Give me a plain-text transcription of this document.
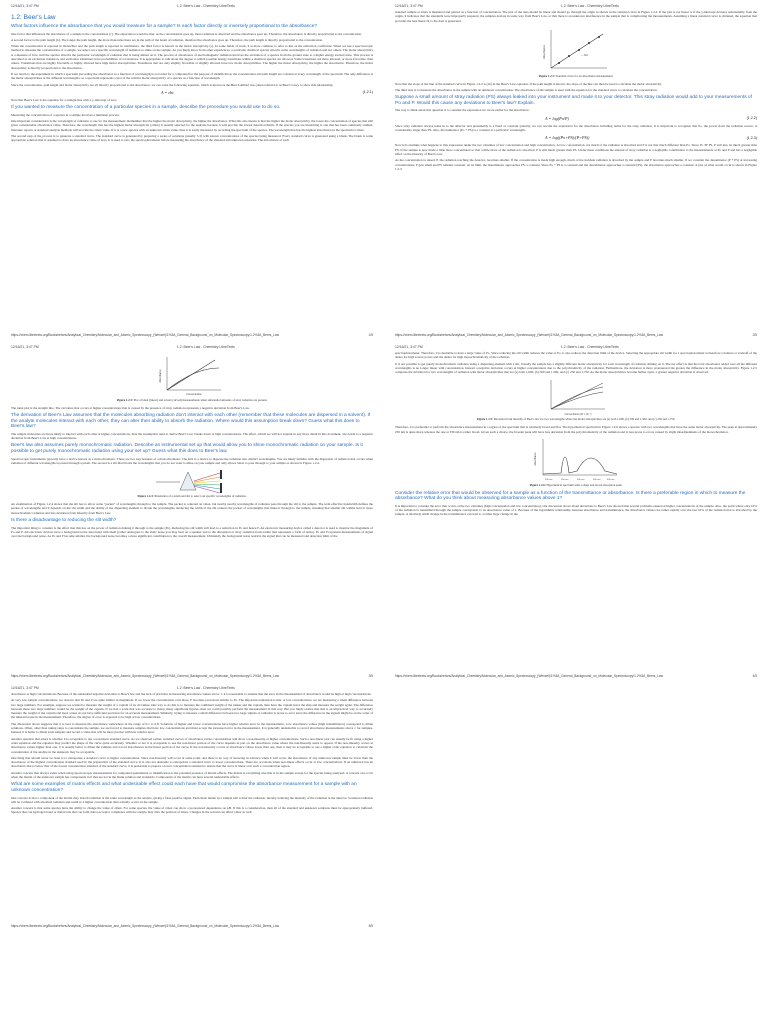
12/16/21, 3:47 PM	1.2: Beer's Law - Chemistry LibreTexts
1.2: Beer's Law
What factors influence the absorbance that you would measure for a sample? Is each factor directly or inversely proportional to the absorbance?

One factor that influences the absorbance of a sample is the concentration (c). The expectation would be that, as the concentration goes up, more radiation is absorbed and the absorbance goes up. Therefore, the absorbance is directly proportional to the concentration.

A second factor is the path length (b). The longer the path length, the more molecules there are in the path of the beam of radiation, therefore the absorbance goes up. Therefore, the path length is directly proportional to the concentration.

When the concentration is reported in moles/liter and the path length is reported in centimeters, the third factor is known as the molar absorptivity (ε). In some fields of work, it is more common to refer to this as the extinction coefficient. When we use a spectroscopic method to measure the concentration of a sample, we select out a specific wavelength of radiation to shine on the sample. As you likely know from other experiences, a particular chemical species absorbs some wavelengths of radiation and not others. The molar absorptivity is a measure of how well the species absorbs the particular wavelength of radiation that is being shined on it. The process of absorbance of electromagnetic radiation involves the excitation of a species from the ground state to a higher energy excited state. This process is described as an excitation transition, and excitation transitions have probabilities of occurrences. It is appropriate to talk about the degree to which possible energy transitions within a chemical species are allowed. Some transitions are more allowed, or more favorable, than others. Transitions that are highly favorable or highly allowed have high molar absorptivities. Transitions that are only slightly favorable or slightly allowed have low molar absorptivities. The higher the molar absorptivity, the higher the absorbance. Therefore, the molar absorptivity is directly proportional to the absorbance.

If we return to the experiment in which a spectrum (recording the absorbance as a function of wavelength) is recorded for a compound for the purpose of identification, the concentration and path length are constant at every wavelength of the spectrum. The only difference is the molar absorptivities at the different wavelengths, so a spectrum represents a plot of the relative molar absorptivity of a species as a function of wavelength.

Since the concentration, path length and molar absorptivity are all directly proportional to the absorbance, we can write the following equation, which is known as the Beer-Lambert law (often referred to as Beer's Law), to show this relationship.

A = εbc	(1.2.1)

Note that Beer's Law is the equation for a straight line with a y-intercept of zero.

If you wanted to measure the concentration of a particular species in a sample, describe the procedure you would use to do so.

Measuring the concentration of a species in a sample involves a multistep process.

One important consideration is the wavelength of radiation to use for the measurement. Remember that the higher the molar absorptivity, the higher the absorbance. What this also means is that the higher the molar absorptivity, the lower the concentration of species that still gives a measurable absorbance value. Therefore, the wavelength that has the highest molar absorptivity (λmax) is usually selected for the analysis because it will provide the lowest detection limits. If the species you are measuring is one that has been commonly studied, literature reports or standard analysis methods will provide the λmax value. If it is a new species with an unknown λmax value, then it is easily measured by recording the spectrum of the species. The wavelength that has the highest absorbance in the spectrum is λmax.

The second step of the process is to generate a standard curve. The standard curve is generated by preparing a series of solutions (usually 3-5) with known concentrations of the species being measured. Every standard curve is generated using a blank. The blank is some appropriate solution that is assumed to have an absorbance value of zero. It is used to zero the spectrophotometer before measuring the absorbance of the standard and unknown solutions. The absorbance of each

https://chem.libretexts.org/Bookshelves/Analytical_Chemistry/Molecular_and_Atomic_Spectroscopy_(Wenzel)/1%3A_General_Background_on_Molecular_Spectroscopy/1.2%3A_Beers_Law	1/5
12/16/21, 3:47 PM	1.2: Beer's Law - Chemistry LibreTexts

standard sample at λmax is measured and plotted as a function of concentration. The plot of the data should be linear and should go through the origin as shown in the standard curve in Figure 1.2.2. If the plot is not linear or if the y-intercept deviates substantially from the origin, it indicates that the standards were improperly prepared, the samples deviate in some way from Beer's Law, or that there is an unknown interference in the sample that is complicating the measurements. Assuming a linear standard curve is obtained, the equation that provides the best linear fit to the data is generated.

Absorbance	— Std
Figure 1.2.2: Standard curve for an absorbance measurement.

Note that the slope of the line of the standard curve in Figure 1.2.2 is (εb) in the Beer's Law equation. If the path length is known, the slope of the line can then be used to calculate the molar absorptivity.

The third step is to measure the absorbance in the sample with an unknown concentration. The absorbance of the sample is used with the equation for the standard curve to calculate the concentration.

Suppose a small amount of stray radiation (PS) always leaked into your instrument and made it to your detector. This stray radiation would add to your measurements of Po and P. Would this cause any deviations to Beer's law? Explain.

The way to think about this question is to consider the expression we wrote earlier for the absorbance.

A = log(Po/P)	(1.2.2)

Since stray radiation always leaks in to the detector and presumably is a fixed or constant quantity, we can rewrite the expression for the absorbance including terms for the stray radiation. It is important to recognize that Po, the power from the radiation source, is considerably larger than PS. Also, the numerator (Po + PS) is a constant at a particular wavelength.

A = log((Po+PS)/(P+PS))	(1.2.3)

Now let's examine what happens to this expression under the two extremes of low concentration and high concentration. At low concentration, not much of the radiation is absorbed and P is not that much different than Po. Since Po ≫ PS, P will also be much greater than PS. If the sample is now made a little more concentrated so that a little more of the radiation is absorbed, P is still much greater than PS. Under these conditions the amount of stray radiation is a negligible contribution to the measurements of Po and P and has a negligible effect on the linearity of Beer's Law.

As the concentration is raised, P, the radiation reaching the detector, becomes smaller. If the concentration is made high enough, much of the incident radiation is absorbed by the sample and P becomes much smaller. If we consider the denominator (P + PS) at increasing concentrations, P gets small and PS remains constant. At its limit, the denominator approaches PS, a constant. Since Po + PS is a constant and the denominator approaches a constant (PS), the absorbance approaches a constant. A plot of what would occur is shown in Figure 1.2.3.

https://chem.libretexts.org/Bookshelves/Analytical_Chemistry/Molecular_and_Atomic_Spectroscopy_(Wenzel)/1%3A_General_Background_on_Molecular_Spectroscopy/1.2%3A_Beers_Law	2/5
12/16/21, 3:47 PM	1.2: Beer's Law - Chemistry LibreTexts
Absorbance
Concentration
Figure 1.2.3: Plot of ideal (linear) and actual (curved) measurements when substantial amounts of stray radiation are present.

The ideal plot is the straight line. The curvature that occurs at higher concentrations that is caused by the presence of stray radiation represents a negative deviation from Beer's Law.

The derivation of Beer's Law assumes that the molecules absorbing radiation don't interact with each other (remember that these molecules are dispersed in a solvent). If the analyte molecules interact with each other, they can alter their ability to absorb the radiation. Where would this assumption break down? Guess what this does to Beer's law?

The sample molecules are more likely to interact with each other at higher concentrations, thus the assumption used to derive Beer's Law breaks down at high concentrations. The effect, which we will not explain in any more detail in this document, also leads to a negative deviation from Beer's Law at high concentrations.

Beer's law also assumes purely monochromatic radiation. Describe an instrumental set up that would allow you to shine monochromatic radiation on your sample. Is it possible to get purely monochromatic radiation using your set up? Guess what this does to Beer's law.

Spectroscopic instruments typically have a device known as a monochromator. There are two key features of a monochromator. The first is a device to disperse the radiation into distinct wavelengths. You are likely familiar with the dispersion of radiation that occurs when radiation of different wavelengths is passed through a prism. The second is a slit that blocks the wavelengths that you do not want to shine on your sample and only allows λmax to pass through to your sample as shown in Figure 1.2.4.

Figure 1.2.4: Illustration of a prism and slit to select out specific wavelengths of radiation.

An examination of Figure 1.2.4 shows that the slit has to allow some "packet" of wavelengths through to the sample. The packet is centered on λmax, but nearby nearby wavelengths of radiation pass through the slit to the sample. The term effective bandwidth defines the packet of wavelengths and it depends on the slit width and the ability of the dispersing element to divide the wavelengths. Reducing the width of the slit reduces the packet of wavelengths that make it through to the sample, meaning that smaller slit widths lead to more monochromatic radiation and less deviation from linearity from Beer's Law.

Is there a disadvantage to reducing the slit width?

The important thing to consider is the effect that this has on the power of radiation making it through to the sample (Po). Reducing the slit width will lead to a reduction in Po and hence P. An electronic measuring device called a detector is used to monitor the magnitude of Po and P. All electronic devices have a background noise associated with them (rather analogous to the static noise you may hear on a speaker and to the discussion of stray radiation from earlier that represents a form of noise). Po and P represent measurements of signal over the background noise. As Po and P become smaller, the background noise becomes a more significant contribution to the overall measurement. Ultimately the background noise restricts the signal that can be measured and detection limit of the

https://chem.libretexts.org/Bookshelves/Analytical_Chemistry/Molecular_and_Atomic_Spectroscopy_(Wenzel)/1%3A_General_Background_on_Molecular_Spectroscopy/1.2%3A_Beers_Law	3/5
12/16/21, 3:47 PM	1.2: Beer's Law - Chemistry LibreTexts

spectrophotometer. Therefore, it is desirable to have a large value of Po. Since reducing the slit width reduces the value of Po, it also reduces the detection limit of the device. Selecting the appropriate slit width for a spectrophotometer is therefore a balance or tradeoff of the desire for high source power and the desire for high monochromaticity of the radiation.

It is not possible to get purely monochromatic radiation using a dispersing element with a slit. Usually the sample has a slightly different molar absorptivity for each wavelength of radiation shining on it. The net effect is that the total absorbance added over all the different wavelengths is no longer linear with concentration. Instead a negative deviation occurs at higher concentrations due to the polychromicity of the radiation. Furthermore, the deviation is more pronounced the greater the difference in the molar absorptivity. Figure 1.2.5 compares the deviation for two wavelengths of radiation with molar absorptivities that are (a) both 1,000, (b) 500 and 1,500, and (c) 250 and 1,750. As the molar absorptivities become farther apart, a greater negative deviation is observed.

Concentration (M × 10⁻⁴)
Figure 1.2.5: Deviation from linearity of Beer's law for two wavelengths where the molar absorptivities are (a) both 1,000, (b) 500 and 1,500, and (c) 250 and 1,750.

Therefore, it is preferable to perform the absorbance measurement in a region of the spectrum that is relatively broad and flat. The hypothetical spectrum in Figure 1.2.6 shows a species with two wavelengths that have the same molar absorptivity. The peak at approximately 250 nm is quite sharp whereas the one at 330 nm is rather broad. Given such a choice, the broader peak will have less deviation from the polychromaticity of the radiation and is less prone to errors caused by slight misadjustments of the monochromator.

Absorbance
200 nm	250 nm	300 nm	350 nm	400 nm
Figure 1.2.6: Hypothetical spectrum with a sharp and broad absorption peak.
Consider the relative error that would be observed for a sample as a function of the transmittance or absorbance. Is there a preferable region in which to measure the absorbance? What do you think about measuring absorbance values above 1?

It is important to consider the error that occurs at the two extremes (high concentration and low concentration). Our discussion above about deviations to Beer's Law showed that several problems ensued at higher concentrations of the sample. Also, the point where only 10% of the radiation is transmitted through the sample corresponds to an absorbance value of 1. Because of the logarithmic relationship between absorbance and transmittance, the absorbance values rise rather rapidly over the last 10% of the radiation that is absorbed by the sample. A relatively small change in the transmittance can lead to a rather large change in the

https://chem.libretexts.org/Bookshelves/Analytical_Chemistry/Molecular_and_Atomic_Spectroscopy_(Wenzel)/1%3A_General_Background_on_Molecular_Spectroscopy/1.2%3A_Beers_Law	4/5
12/16/21, 3:47 PM	1.2: Beer's Law - Chemistry LibreTexts

absorbance at high concentrations. Because of the substantial negative deviation to Beer's law and the lack of precision in measuring absorbance values above 1, it is reasonable to assume that the error in the measurement of absorbance would be high at high concentrations.

At very low sample concentrations, we observe that Po and P are quite similar in magnitude. If we lower the concentration a bit more, P becomes even more similar to Po. The important realization is that, at low concentrations, we are measuring a small difference between two large numbers. For example, suppose we wanted to measure the weight of a captain of an oil tanker. One way to do this is to measure the combined weight of the tanker and the captain, then have the captain leave the ship and measure the weight again. The difference between these two large numbers would be the weight of the captain. If we had a scale that was accurate to many, many significant figures, then we could possibly perform the measurement in this way. But you likely realize that this is an impractical way to accurately measure the weight of the captain and most scales do not have sufficient precision for an accurate measurement. Similarly, trying to measure a small difference between two large signals of radiation is prone to error since the difference in the signals might be on the order of the inherent noise in the measurement. Therefore, the degree of error is expected to be high at low concentrations.

The discussion above suggests that it is best to measure the absorbance somewhere in the range of 0.1 to 0.8. Solutions of higher and lower concentrations have higher relative error in the measurement. Low absorbance values (high transmittance) correspond to dilute solutions. Often, other than taking steps to concentrate the sample, we are forced to measure samples that have low concentrations and must accept the increased error in the measurement. It is generally undesirable to record absorbance measurements above 1 for samples. Instead, it is better to dilute such samples and record a value that will be more precise with less relative error.

Another question that arises is whether it is acceptable to use a non-linear standard curve. As we observed earlier, standard curves of absorbance versus concentration will show a non-linearity at higher concentrations. Such a non-linear plot can usually be fit using a higher order equation and the equation may predict the shape of the curve quite accurately. Whether or not it is acceptable to use the non-linear portion of the curve depends in part on the absorbance value where the non-linearity starts to appear. If the non-linearity occurs at absorbance values higher than one, it is usually better to dilute the samples and record absorbances in the linear portion of the curve. If the non-linearity occurs at absorbance values lower than one, then it may be acceptable to use a higher order equation to calculate the concentration of the analyte in the unknown may be acceptable.

One thing that should never be done is to extrapolate a standard curve to higher concentrations. Since non-linearity will occur at some point, and there is no way of knowing in advance when it will occur, the absorbance of any unknown sample must be lower than the absorbance of the highest concentration standard used in the preparation of the standard curve. It is also not desirable to extrapolate a standard curve to lower concentrations. There are occasions when non-linear effects occur at low concentrations. If an unknown has an absorbance that is below that of the lowest concentration standard of the standard curve, it is preferable to prepare a lower concentration standard to ensure that the curve is linear over such a concentration region.

Another concern that always exists when using spectroscopic measurements for compound quantitation or identification is the potential presence of matrix effects. The matrix is everything else that is in the sample except for the species being analyzed. A concern can occur when the matrix of the unknown sample has components in it that are not in the blank solution and standards. Components of the matrix can have several undesirable effects.

What are some examples of matrix effects and what undesirable effect could each have that would compromise the absorbance measurement for a sample with an unknown concentration?

One concern is that a component of the matrix may absorb radiation at the same wavelength as the analyte, giving a false positive signal. Particulate matter in a sample will scatter the radiation, thereby reducing the intensity of the radiation at the detector. Scattered radiation will be confused with absorbed radiation and result in a higher concentration than actually occurs in the sample.

Another concern is that some species have the ability to change the value of λmax. For some species, the value of λmax can show a pronounced dependence on pH. If this is a consideration, then all of the standard and unknown solutions must be appropriately buffered. Species that can hydrogen bond or metal ions that can form donor-acceptor complexes with the analyte may alter the position of λmax. Changes in the solvent can affect λmax as well.

https://chem.libretexts.org/Bookshelves/Analytical_Chemistry/Molecular_and_Atomic_Spectroscopy_(Wenzel)/1%3A_General_Background_on_Molecular_Spectroscopy/1.2%3A_Beers_Law	5/5
